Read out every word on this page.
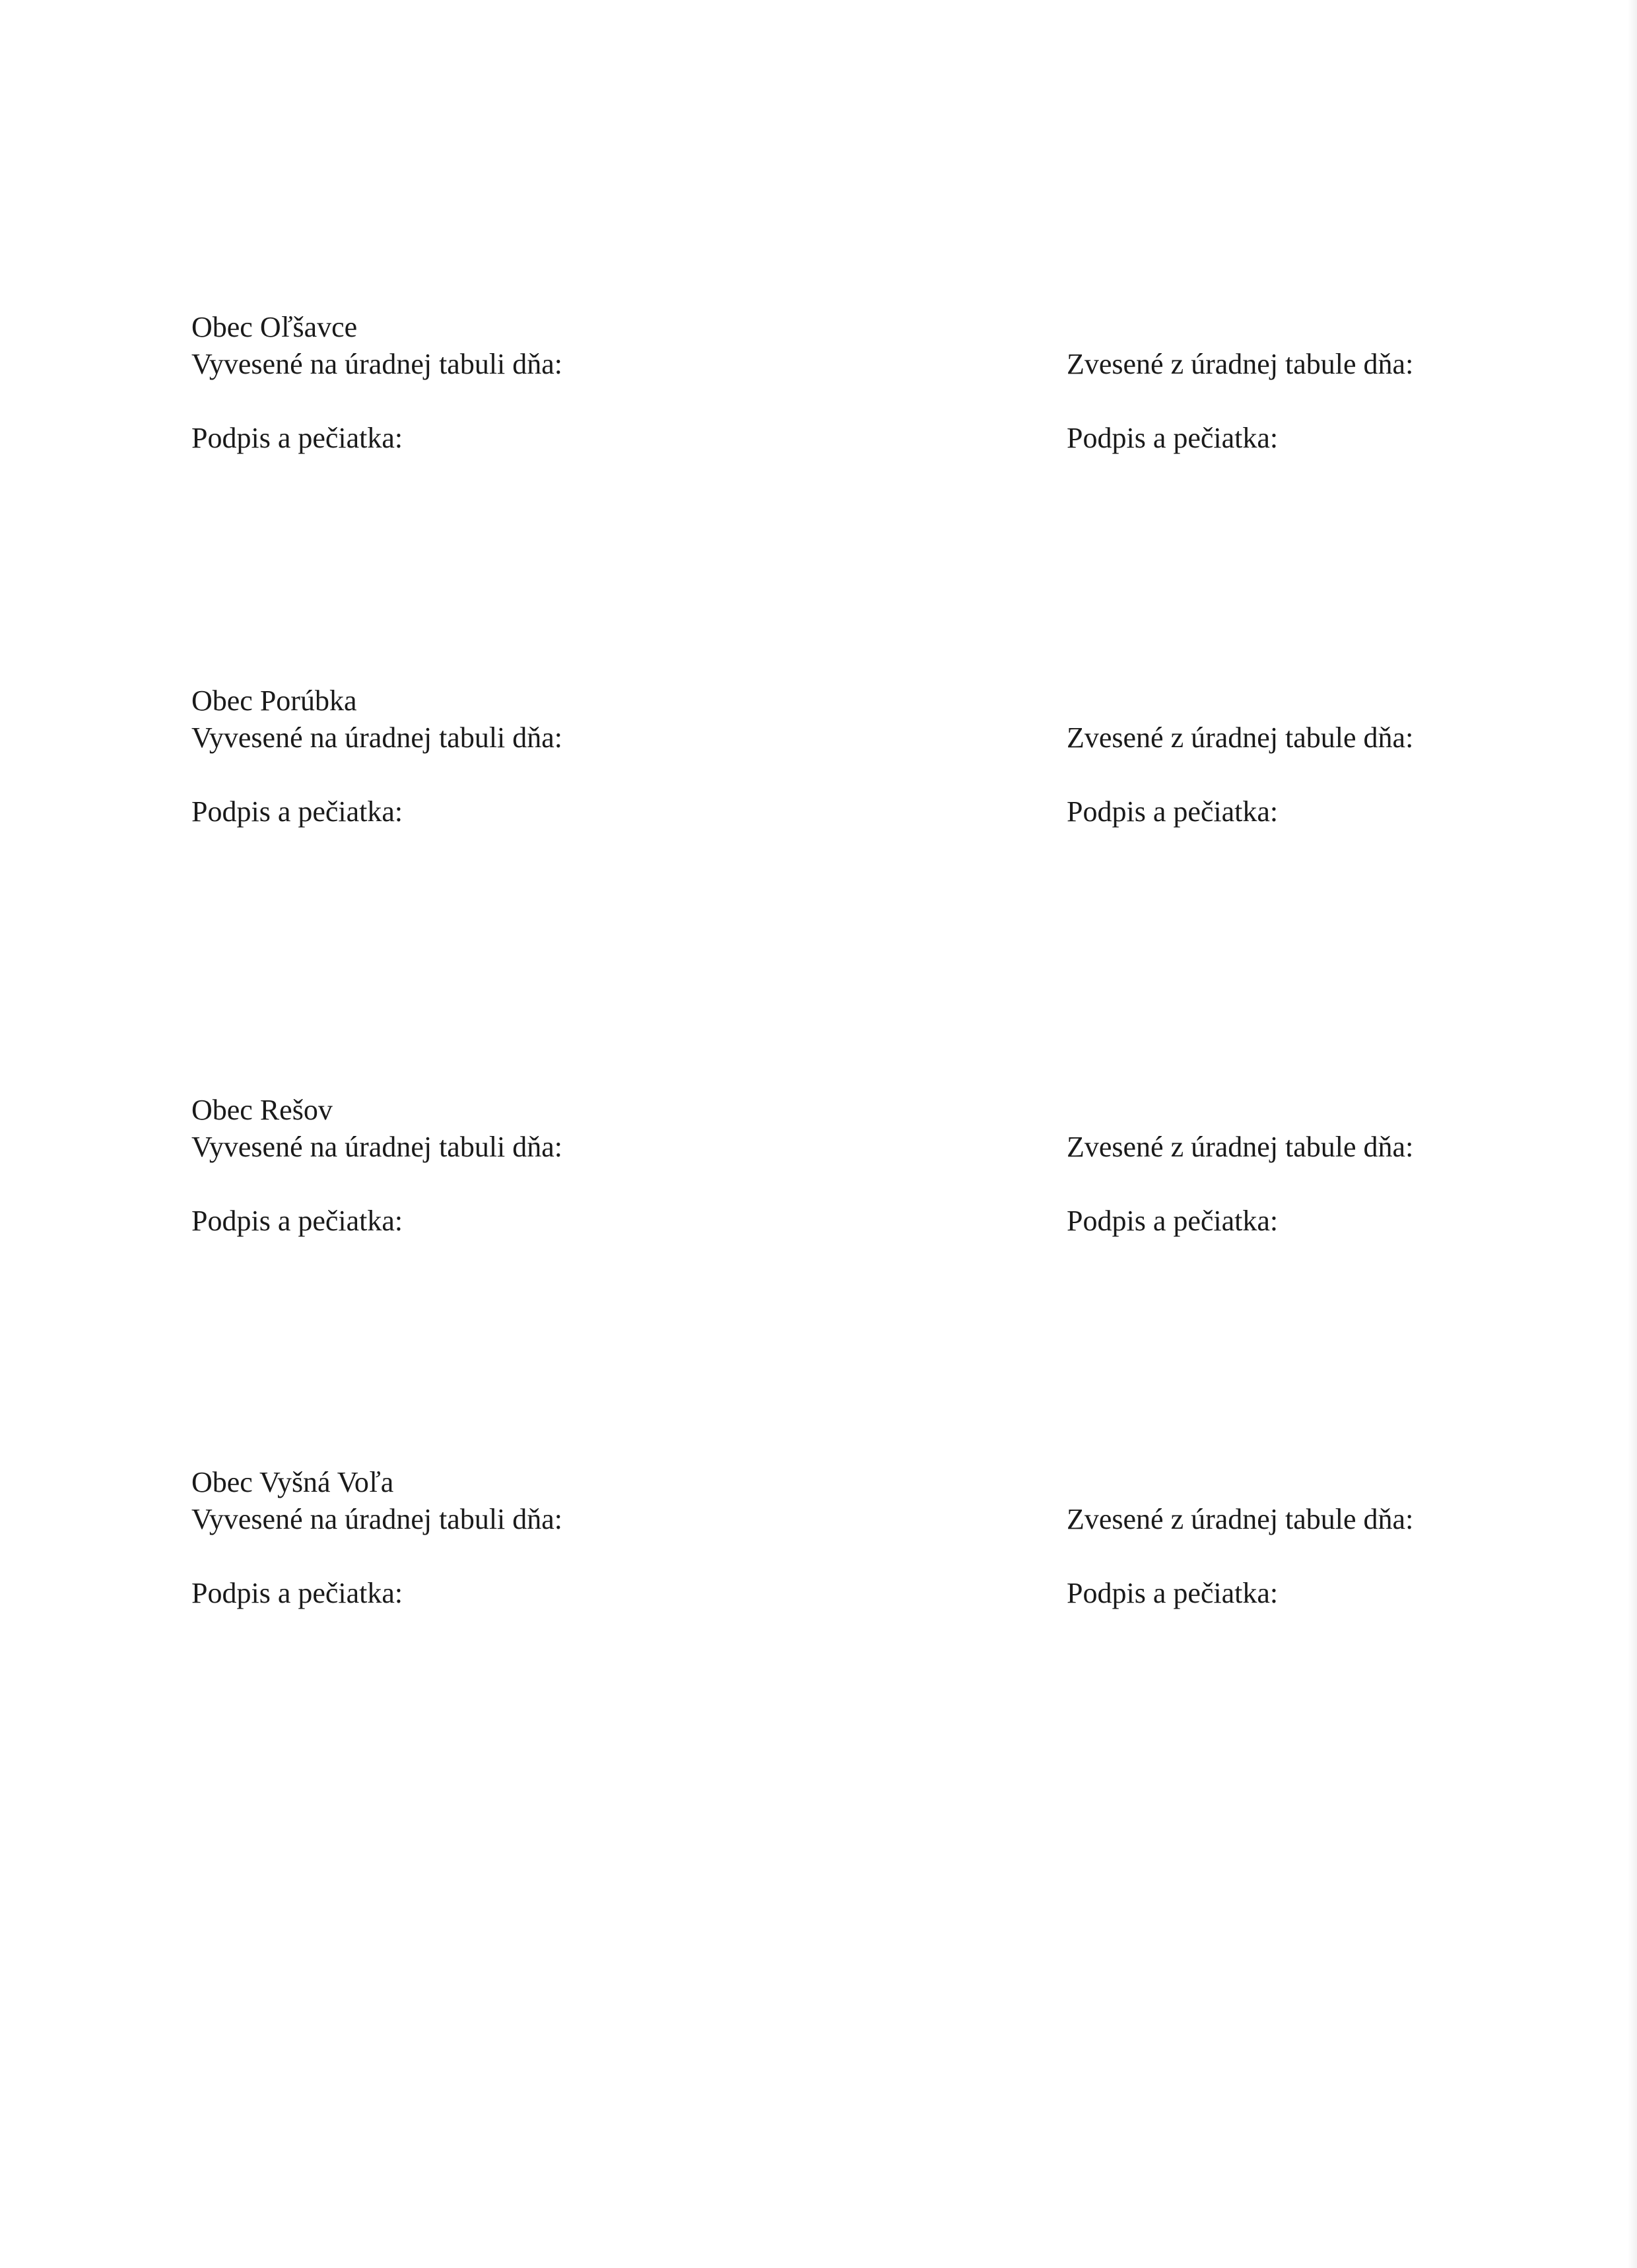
Obec Oľšavce
Vyvesené na úradnej tabuli dňa:	Zvesené z úradnej tabule dňa:
Podpis a pečiatka:	Podpis a pečiatka:
Obec Porúbka
Vyvesené na úradnej tabuli dňa:	Zvesené z úradnej tabule dňa:
Podpis a pečiatka:	Podpis a pečiatka:
Obec Rešov
Vyvesené na úradnej tabuli dňa:	Zvesené z úradnej tabule dňa:
Podpis a pečiatka:	Podpis a pečiatka:
Obec Vyšná Voľa
Vyvesené na úradnej tabuli dňa:	Zvesené z úradnej tabule dňa:
Podpis a pečiatka:	Podpis a pečiatka:
